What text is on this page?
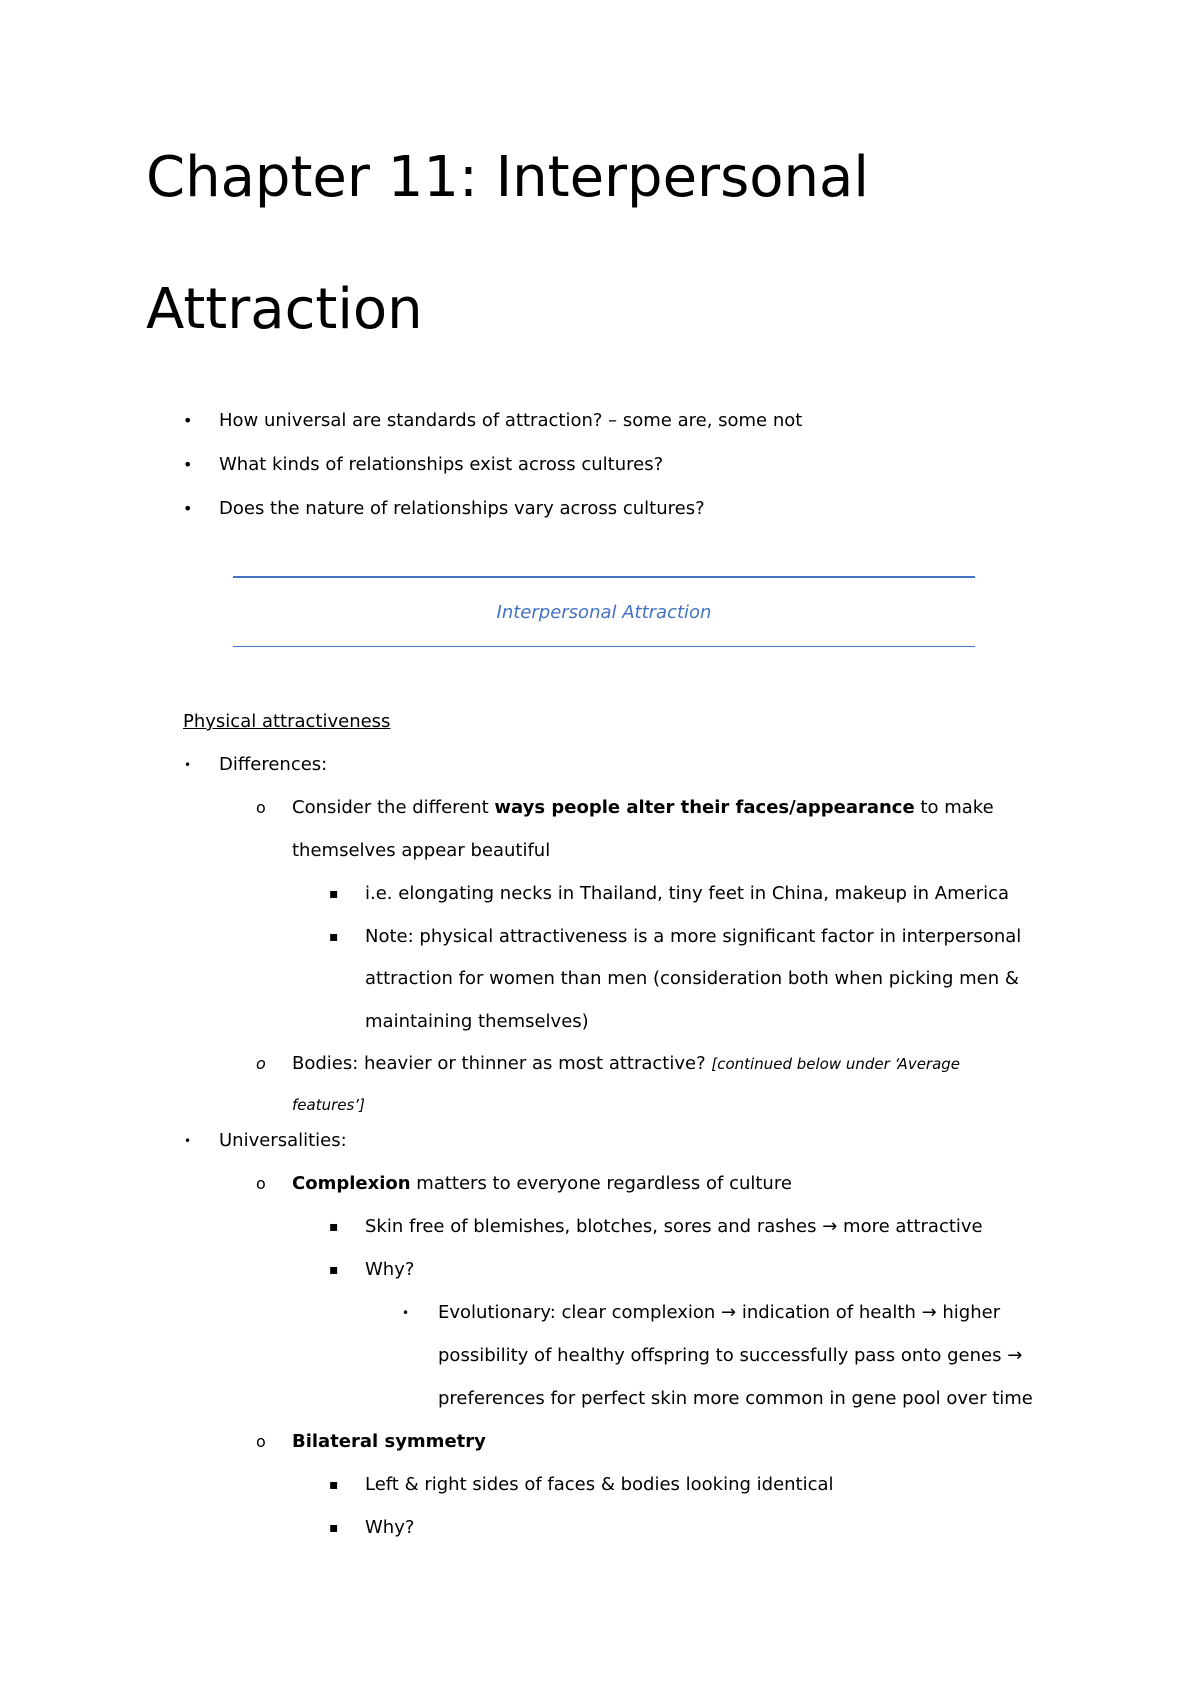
Chapter 11: Interpersonal
Attraction
• How universal are standards of attraction? – some are, some not
• What kinds of relationships exist across cultures?
• Does the nature of relationships vary across cultures?
Interpersonal Attraction
Physical attractiveness
• Differences:
o Consider the different ways people alter their faces/appearance to make
themselves appear beautiful
▪ i.e. elongating necks in Thailand, tiny feet in China, makeup in America
▪ Note: physical attractiveness is a more significant factor in interpersonal
attraction for women than men (consideration both when picking men &
maintaining themselves)
o Bodies: heavier or thinner as most attractive? [continued below under ‘Average
features’]
• Universalities:
o Complexion matters to everyone regardless of culture
▪ Skin free of blemishes, blotches, sores and rashes → more attractive
▪ Why?
• Evolutionary: clear complexion → indication of health → higher
possibility of healthy offspring to successfully pass onto genes →
preferences for perfect skin more common in gene pool over time
o Bilateral symmetry
▪ Left & right sides of faces & bodies looking identical
▪ Why?
